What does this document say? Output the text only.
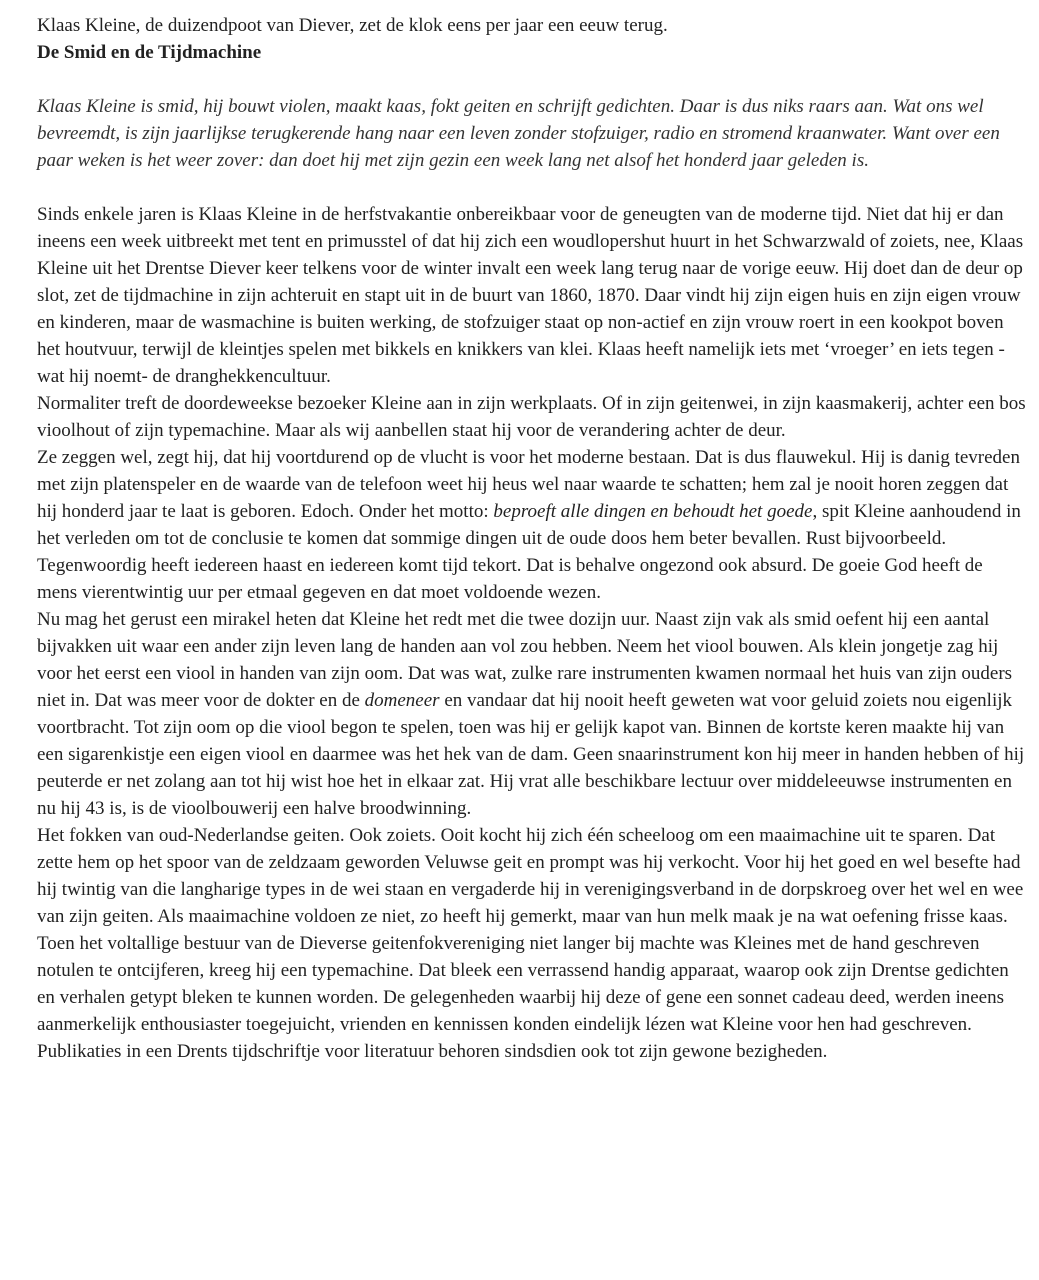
Klaas Kleine, de duizendpoot van Diever, zet de klok eens per jaar een eeuw terug.

De Smid en de Tijdmachine

Klaas Kleine is smid, hij bouwt violen, maakt kaas, fokt geiten en schrijft gedichten. Daar is dus niks raars aan. Wat ons wel bevreemdt, is zijn jaarlijkse terugkerende hang naar een leven zonder stofzuiger, radio en stromend kraanwater. Want over een paar weken is het weer zover: dan doet hij met zijn gezin een week lang net alsof het honderd jaar geleden is.

Sinds enkele jaren is Klaas Kleine in de herfstvakantie onbereikbaar voor de geneugten van de moderne tijd. Niet dat hij er dan ineens een week uitbreekt met tent en primusstel of dat hij zich een woudlopershut huurt in het Schwarzwald of zoiets, nee, Klaas Kleine uit het Drentse Diever keer telkens voor de winter invalt een week lang terug naar de vorige eeuw. Hij doet dan de deur op slot, zet de tijdmachine in zijn achteruit en stapt uit in de buurt van 1860, 1870. Daar vindt hij zijn eigen huis en zijn eigen vrouw en kinderen, maar de wasmachine is buiten werking, de stofzuiger staat op non-actief en zijn vrouw roert in een kookpot boven het houtvuur, terwijl de kleintjes spelen met bikkels en knikkers van klei. Klaas heeft namelijk iets met ‘vroeger’ en iets tegen -wat hij noemt- de dranghekkencultuur.

Normaliter treft de doordeweekse bezoeker Kleine aan in zijn werkplaats. Of in zijn geitenwei, in zijn kaasmakerij, achter een bos vioolhout of zijn typemachine. Maar als wij aanbellen staat hij voor de verandering achter de deur.

Ze zeggen wel, zegt hij, dat hij voortdurend op de vlucht is voor het moderne bestaan. Dat is dus flauwekul. Hij is danig tevreden met zijn platenspeler en de waarde van de telefoon weet hij heus wel naar waarde te schatten; hem zal je nooit horen zeggen dat hij honderd jaar te laat is geboren. Edoch. Onder het motto: beproeft alle dingen en behoudt het goede, spit Kleine aanhoudend in het verleden om tot de conclusie te komen dat sommige dingen uit de oude doos hem beter bevallen. Rust bijvoorbeeld. Tegenwoordig heeft iedereen haast en iedereen komt tijd tekort. Dat is behalve ongezond ook absurd. De goeie God heeft de mens vierentwintig uur per etmaal gegeven en dat moet voldoende wezen.

Nu mag het gerust een mirakel heten dat Kleine het redt met die twee dozijn uur. Naast zijn vak als smid oefent hij een aantal bijvakken uit waar een ander zijn leven lang de handen aan vol zou hebben. Neem het viool bouwen. Als klein jongetje zag hij voor het eerst een viool in handen van zijn oom. Dat was wat, zulke rare instrumenten kwamen normaal het huis van zijn ouders niet in. Dat was meer voor de dokter en de domeneer en vandaar dat hij nooit heeft geweten wat voor geluid zoiets nou eigenlijk voortbracht. Tot zijn oom op die viool begon te spelen, toen was hij er gelijk kapot van. Binnen de kortste keren maakte hij van een sigarenkistje een eigen viool en daarmee was het hek van de dam. Geen snaarinstrument kon hij meer in handen hebben of hij peuterde er net zolang aan tot hij wist hoe het in elkaar zat. Hij vrat alle beschikbare lectuur over middeleeuwse instrumenten en nu hij 43 is, is de vioolbouwerij een halve broodwinning.

Het fokken van oud-Nederlandse geiten. Ook zoiets. Ooit kocht hij zich één scheeloog om een maaimachine uit te sparen. Dat zette hem op het spoor van de zeldzaam geworden Veluwse geit en prompt was hij verkocht. Voor hij het goed en wel besefte had hij twintig van die langharige types in de wei staan en vergaderde hij in verenigingsverband in de dorpskroeg over het wel en wee van zijn geiten. Als maaimachine voldoen ze niet, zo heeft hij gemerkt, maar van hun melk maak je na wat oefening frisse kaas.

Toen het voltallige bestuur van de Dieverse geitenfokvereniging niet langer bij machte was Kleines met de hand geschreven notulen te ontcijferen, kreeg hij een typemachine. Dat bleek een verrassend handig apparaat, waarop ook zijn Drentse gedichten en verhalen getypt bleken te kunnen worden. De gelegenheden waarbij hij deze of gene een sonnet cadeau deed, werden ineens aanmerkelijk enthousiaster toegejuicht, vrienden en kennissen konden eindelijk lézen wat Kleine voor hen had geschreven. Publikaties in een Drents tijdschriftje voor literatuur behoren sindsdien ook tot zijn gewone bezigheden.
